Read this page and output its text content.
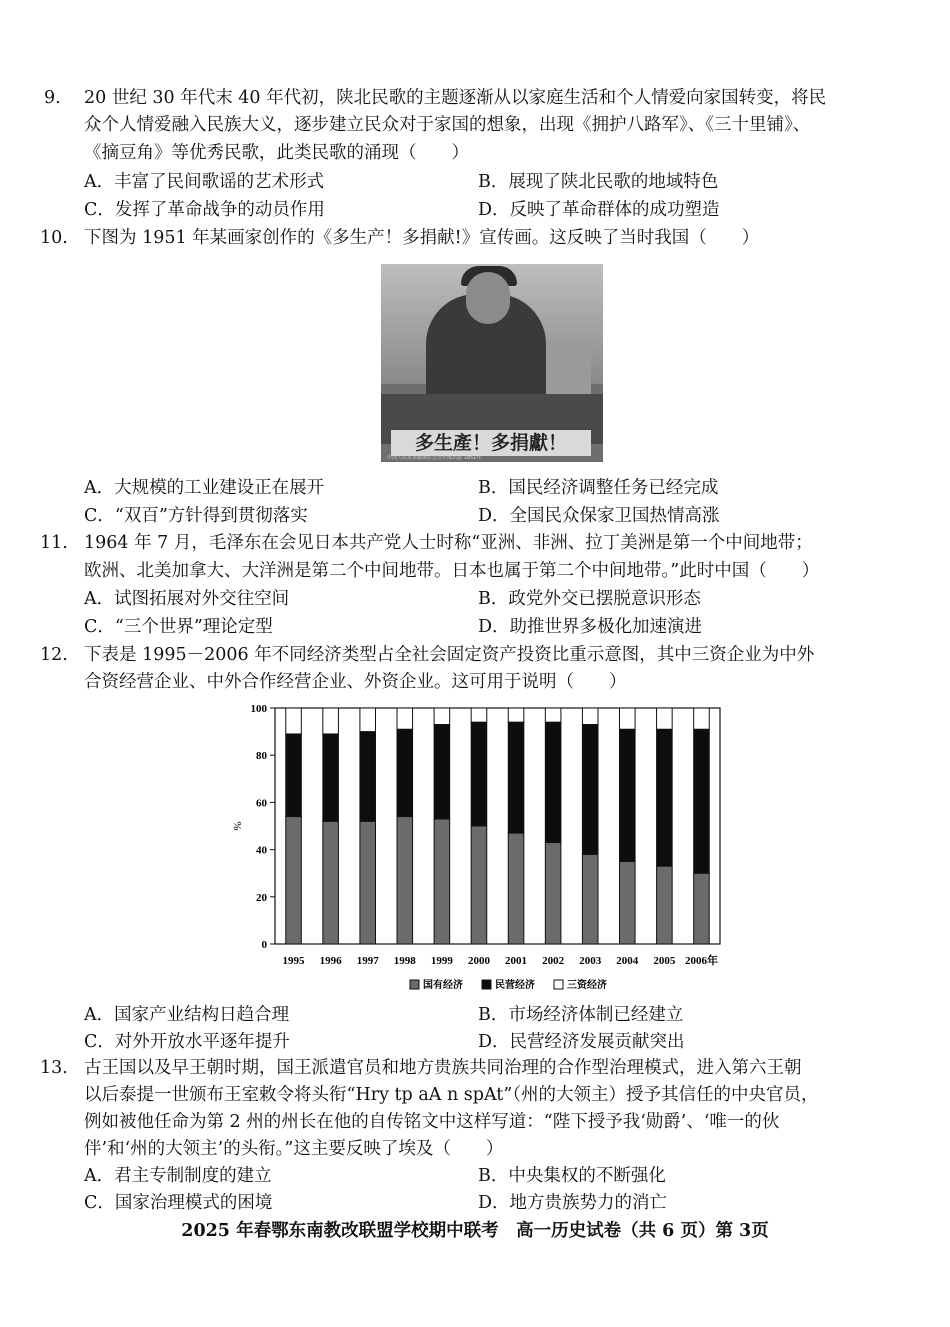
9. 20 世纪 30 年代末 40 年代初，陕北民歌的主题逐渐从以家庭生活和个人情爱向家国转变，将民
众个人情爱融入民族大义，逐步建立民众对于家国的想象，出现《拥护八路军》、《三十里铺》、
《摘豆角》等优秀民歌，此类民歌的涌现（　　）
A．丰富了民间歌谣的艺术形式	B．展现了陕北民歌的地域特色
C．发挥了革命战争的动员作用	D．反映了革命群体的成功塑造
10. 下图为 1951 年某画家创作的《多生产！多捐献!》宣传画。这反映了当时我国（　　）
多生產！多捐獻！
中国人民抗美援朝总会宣传部出版 1951年
A．大规模的工业建设正在展开	B．国民经济调整任务已经完成
C．“双百”方针得到贯彻落实	D．全国民众保家卫国热情高涨
11. 1964 年 7 月，毛泽东在会见日本共产党人士时称“亚洲、非洲、拉丁美洲是第一个中间地带；
欧洲、北美加拿大、大洋洲是第二个中间地带。日本也属于第二个中间地带。”此时中国（　　）
A．试图拓展对外交往空间	B．政党外交已摆脱意识形态
C．“三个世界”理论定型	D．助推世界多极化加速演进
12. 下表是 1995－2006 年不同经济类型占全社会固定资产投资比重示意图，其中三资企业为中外
合资经营企业、中外合作经营企业、外资企业。这可用于说明（　　）
0
20
40
60
80
100
%
1995 1996 1997 1998 1999 2000 2001 2002 2003 2004 2005 2006年
国有经济	民营经济	三资经济
A．国家产业结构日趋合理	B．市场经济体制已经建立
C．对外开放水平逐年提升	D．民营经济发展贡献突出
13. 古王国以及早王朝时期，国王派遣官员和地方贵族共同治理的合作型治理模式，进入第六王朝
以后泰提一世颁布王室敕令将头衔“Hry tp aA n spAt”（州的大领主）授予其信任的中央官员，
例如被他任命为第 2 州的州长在他的自传铭文中这样写道：“陛下授予我‘勋爵’、‘唯一的伙
伴’和‘州的大领主’的头衔。”这主要反映了埃及（　　）
A．君主专制制度的建立	B．中央集权的不断强化
C．国家治理模式的困境	D．地方贵族势力的消亡
2025 年春鄂东南教改联盟学校期中联考　高一历史试卷（共 6 页）第 3页
